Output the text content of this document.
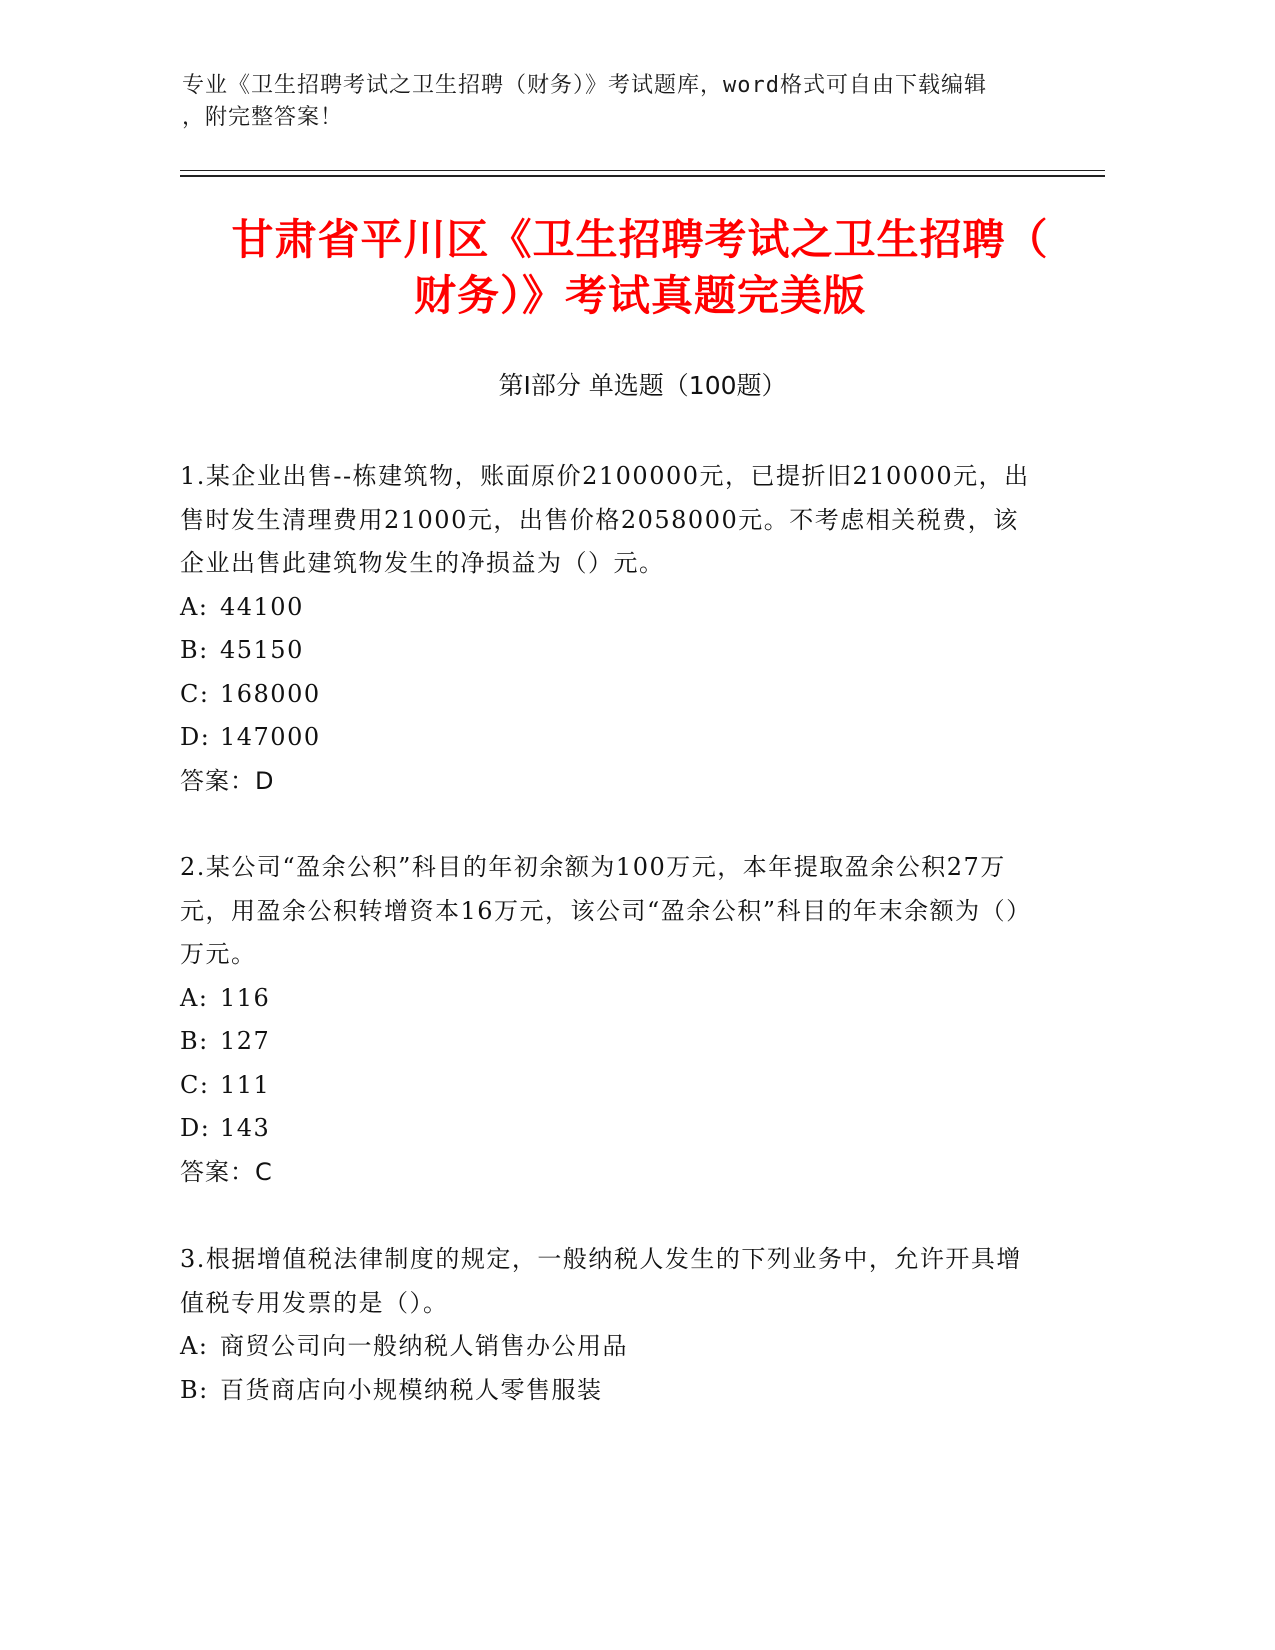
专业《卫生招聘考试之卫生招聘（财务）》考试题库，word格式可自由下载编辑
，附完整答案！
甘肃省平川区《卫生招聘考试之卫生招聘（
财务）》考试真题完美版
第Ⅰ部分 单选题（100题）

1.某企业出售--栋建筑物，账面原价2100000元，已提折旧210000元，出售时发生清理费用21000元，出售价格2058000元。不考虑相关税费，该企业出售此建筑物发生的净损益为（）元。

A: 44100

B: 45150

C: 168000

D: 147000

答案：D

2.某公司“盈余公积”科目的年初余额为100万元，本年提取盈余公积27万元，用盈余公积转增资本16万元，该公司“盈余公积”科目的年末余额为（）万元。

A: 116

B: 127

C: 111

D: 143

答案：C

3.根据增值税法律制度的规定，一般纳税人发生的下列业务中，允许开具增值税专用发票的是（）。

A: 商贸公司向一般纳税人销售办公用品

B: 百货商店向小规模纳税人零售服装
